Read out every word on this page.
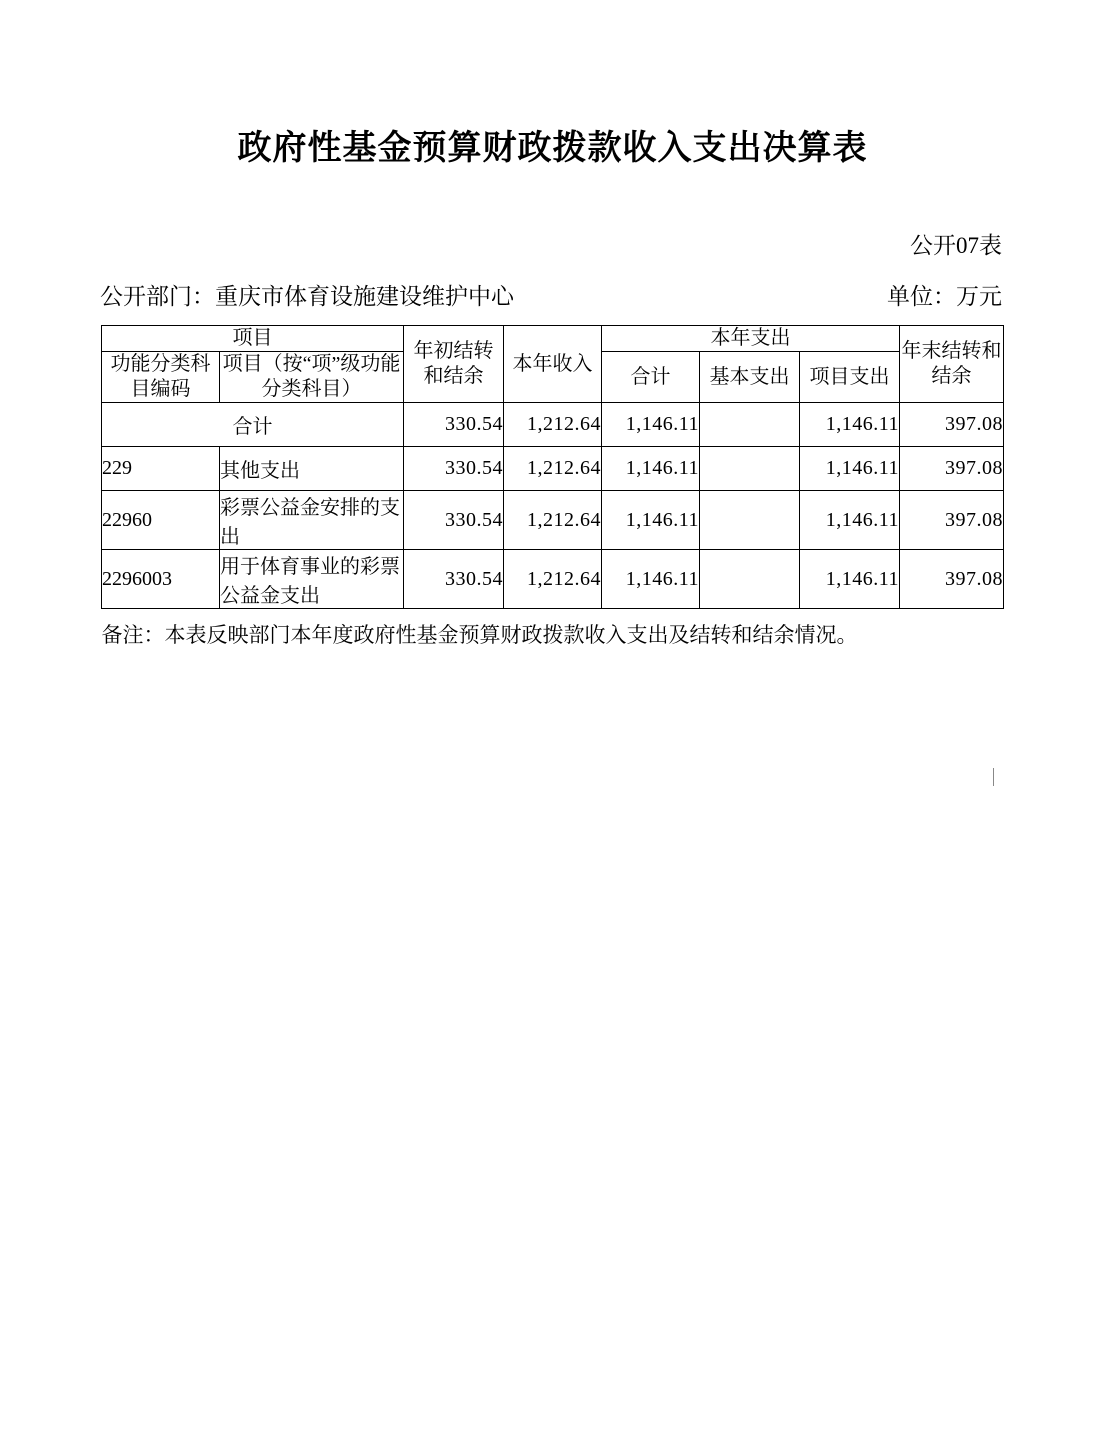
政府性基金预算财政拨款收入支出决算表
公开07表
公开部门：重庆市体育设施建设维护中心	单位：万元
项目		年初结转和结余	本年收入	本年支出			年末结转和结余
功能分类科目编码	项目（按“项”级功能分类科目）			合计	基本支出	项目支出	
合计		330.54	1,212.64	1,146.11		1,146.11	397.08
229	其他支出	330.54	1,212.64	1,146.11		1,146.11	397.08
22960	彩票公益金安排的支出	330.54	1,212.64	1,146.11		1,146.11	397.08
2296003	用于体育事业的彩票公益金支出	330.54	1,212.64	1,146.11		1,146.11	397.08
备注：本表反映部门本年度政府性基金预算财政拨款收入支出及结转和结余情况。
